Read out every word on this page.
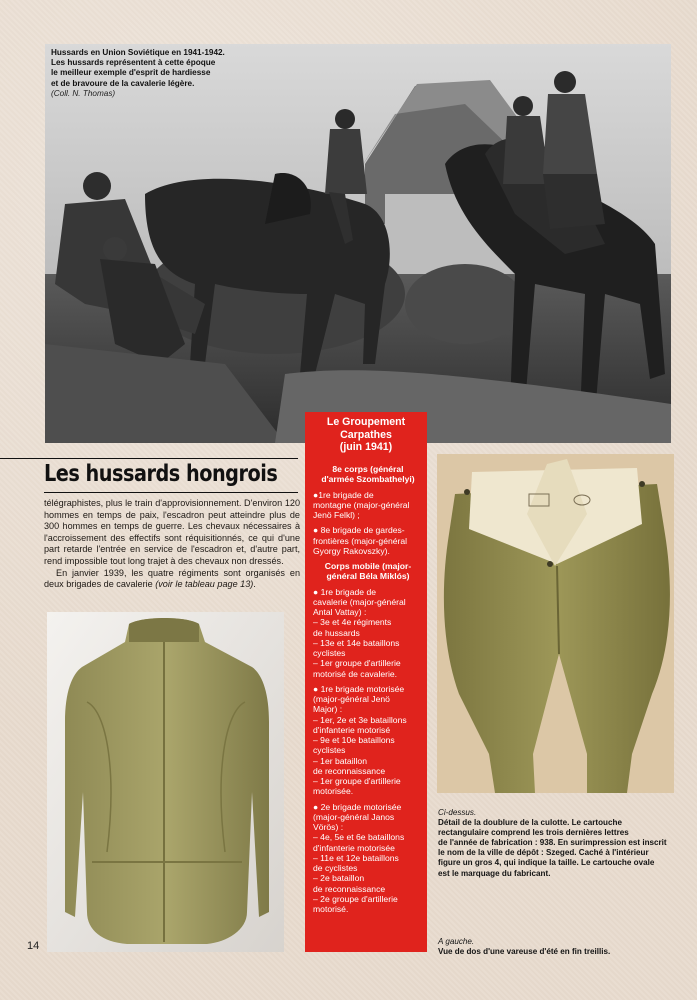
Hussards en Union Soviétique en 1941-1942.
Les hussards représentent à cette époque
le meilleur exemple d'esprit de hardiesse
et de bravoure de la cavalerie légère.
(Coll. N. Thomas)
Les hussards hongrois

télégraphistes, plus le train d'approvisionnement. D'environ 120 hommes en temps de paix, l'escadron peut atteindre plus de 300 hommes en temps de guerre. Les chevaux nécessaires à l'accroissement des effectifs sont réquisitionnés, ce qui d'une part retarde l'entrée en service de l'escadron et, d'autre part, rend impossible tout long trajet à des chevaux non dressés.

En janvier 1939, les quatre régiments sont organisés en deux brigades de cavalerie (voir le tableau page 13).

14
Le Groupement
Carpathes
(juin 1941)
8e corps (général
d'armée Szombathelyi)
●1re brigade de
montagne (major-général
Jenö Felkl) ;
● 8e brigade de gardes-
frontières (major-général
Gyorgy Rakovszky).
Corps mobile (major-
général Béla Miklós)
● 1re brigade de
cavalerie (major-général
Antal Vattay) :
– 3e et 4e régiments
de hussards
– 13e et 14e bataillons
cyclistes
– 1er groupe d'artillerie
motorisé de cavalerie.
● 1re brigade motorisée
(major-général Jenö
Major) :
– 1er, 2e et 3e bataillons
d'infanterie motorisé
– 9e et 10e bataillons
cyclistes
– 1er bataillon
de reconnaissance
– 1er groupe d'artillerie
motorisée.
● 2e brigade motorisée
(major-général Janos
Vörös) :
– 4e, 5e et 6e bataillons
d'infanterie motorisée
– 11e et 12e bataillons
de cyclistes
– 2e bataillon
de reconnaissance
– 2e groupe d'artillerie
motorisé.
Ci-dessus.
Détail de la doublure de la culotte. Le cartouche
rectangulaire comprend les trois dernières lettres
de l'année de fabrication : 938. En surimpression est inscrit
le nom de la ville de dépôt : Szeged. Caché à l'intérieur
figure un gros 4, qui indique la taille. Le cartouche ovale
est le marquage du fabricant.
A gauche.
Vue de dos d'une vareuse d'été en fin treillis.
